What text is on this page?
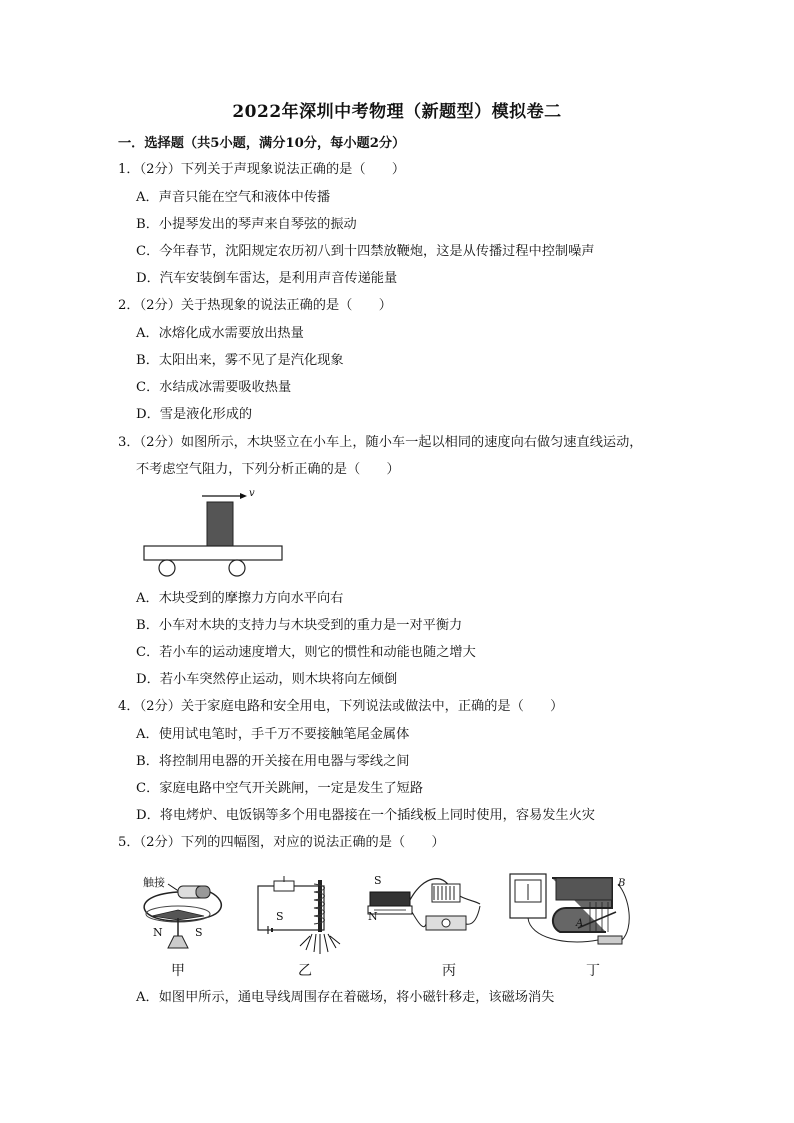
2022年深圳中考物理（新题型）模拟卷二
一．选择题（共5小题，满分10分，每小题2分）
1．（2分）下列关于声现象说法正确的是（　　）
A．声音只能在空气和液体中传播
B．小提琴发出的琴声来自琴弦的振动
C．今年春节，沈阳规定农历初八到十四禁放鞭炮，这是从传播过程中控制噪声
D．汽车安装倒车雷达，是利用声音传递能量
2．（2分）关于热现象的说法正确的是（　　）
A．冰熔化成水需要放出热量
B．太阳出来，雾不见了是汽化现象
C．水结成冰需要吸收热量
D．雪是液化形成的
3．（2分）如图所示，木块竖立在小车上，随小车一起以相同的速度向右做匀速直线运动，
不考虑空气阻力，下列分析正确的是（　　）
v
A．木块受到的摩擦力方向水平向右
B．小车对木块的支持力与木块受到的重力是一对平衡力
C．若小车的运动速度增大，则它的惯性和动能也随之增大
D．若小车突然停止运动，则木块将向左倾倒
4．（2分）关于家庭电路和安全用电，下列说法或做法中，正确的是（　　）
A．使用试电笔时，手千万不要接触笔尾金属体
B．将控制用电器的开关接在用电器与零线之间
C．家庭电路中空气开关跳闸，一定是发生了短路
D．将电烤炉、电饭锅等多个用电器接在一个插线板上同时使用，容易发生火灾
5．（2分）下列的四幅图，对应的说法正确的是（　　）
触接
N	S
S
S
N
A
B
甲	乙	丙	丁
A．如图甲所示，通电导线周围存在着磁场，将小磁针移走，该磁场消失
